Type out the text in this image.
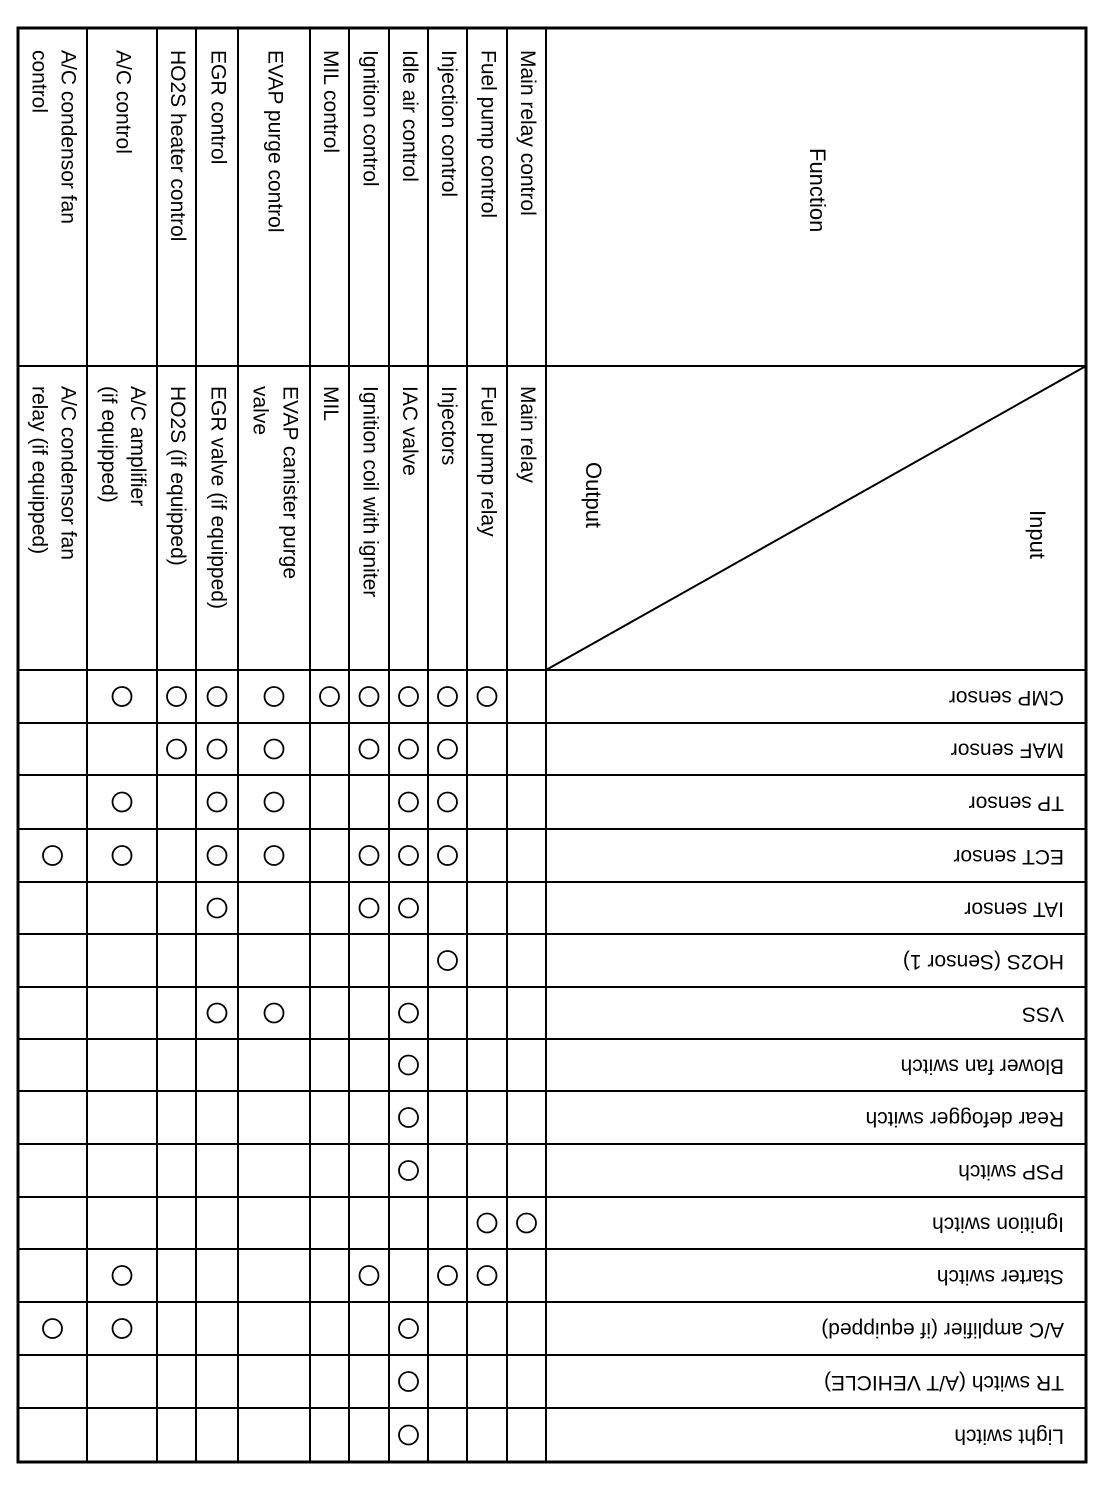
Function
Output
Input
Main relay control
Main relay
Fuel pump control
Fuel pump relay
Injection control
Injectors
Idle air control
IAC valve
Ignition control
Ignition coil with igniter
MIL control
MIL
EVAP purge control
EVAP canister purge
valve
EGR control
EGR valve (if equipped)
HO2S heater control
HO2S (if equipped)
A/C control
A/C amplifier
(if equipped)
A/C condensor fan
control
A/C condensor fan
relay (if equipped)
CMP sensor
MAF sensor
TP sensor
ECT sensor
IAT sensor
HO2S (Sensor 1)
VSS
Blower fan switch
Rear defogger switch
PSP switch
Ignition switch
Starter switch
A/C amplifier (if equipped)
TR switch (A/T VEHICLE)
Light switch
